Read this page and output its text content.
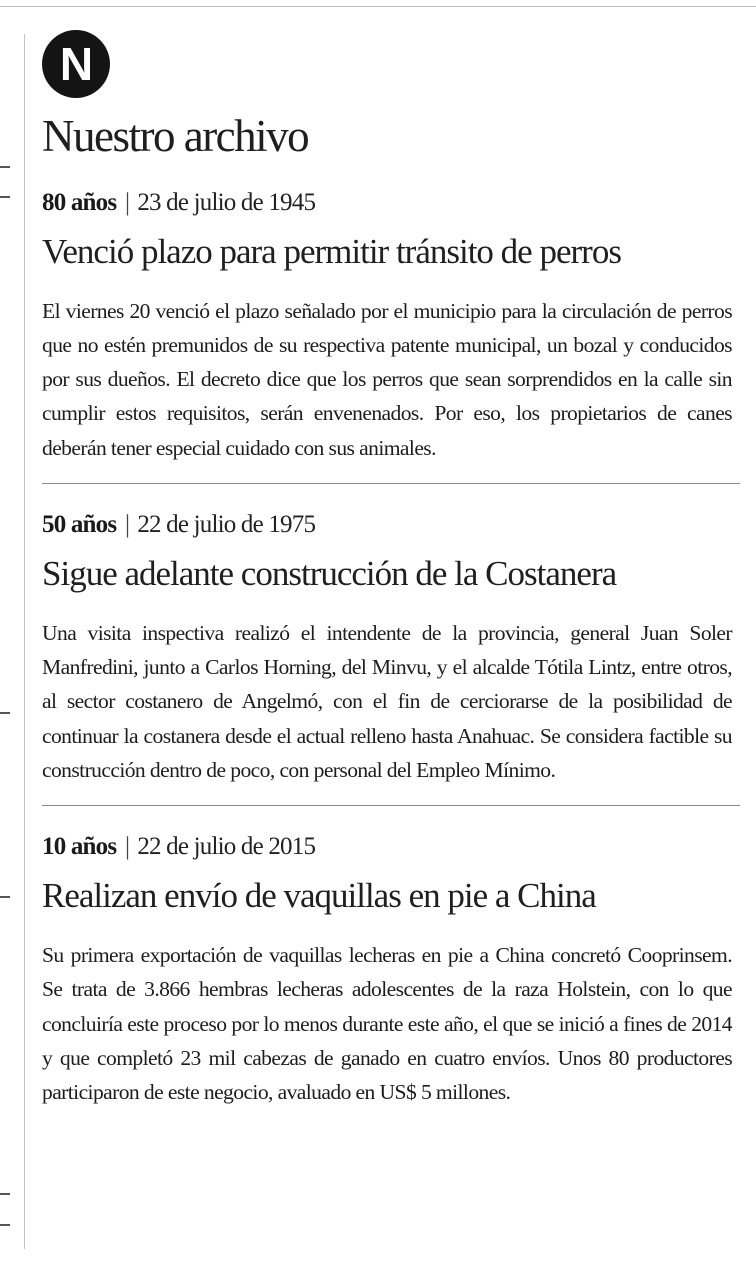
N
Nuestro archivo
80 años | 23 de julio de 1945
Venció plazo para permitir tránsito de perros

El viernes 20 venció el plazo señalado por el municipio para la circulación de perros que no estén premunidos de su respectiva patente municipal, un bozal y conducidos por sus dueños. El decreto dice que los perros que sean sorprendidos en la calle sin cumplir estos requisitos, serán envenenados. Por eso, los propietarios de canes deberán tener especial cuidado con sus animales.

50 años | 22 de julio de 1975
Sigue adelante construcción de la Costanera

Una visita inspectiva realizó el intendente de la provincia, general Juan Soler Manfredini, junto a Carlos Horning, del Minvu, y el alcalde Tótila Lintz, entre otros, al sector costanero de Angelmó, con el fin de cerciorarse de la posibilidad de continuar la costanera desde el actual relleno hasta Anahuac. Se considera factible su construcción dentro de poco, con personal del Empleo Mínimo.

10 años | 22 de julio de 2015
Realizan envío de vaquillas en pie a China

Su primera exportación de vaquillas lecheras en pie a China concretó Cooprinsem. Se trata de 3.866 hembras lecheras adolescentes de la raza Holstein, con lo que concluiría este proceso por lo menos durante este año, el que se inició a fines de 2014 y que completó 23 mil cabezas de ganado en cuatro envíos. Unos 80 productores participaron de este negocio, avaluado en US$ 5 millones.
